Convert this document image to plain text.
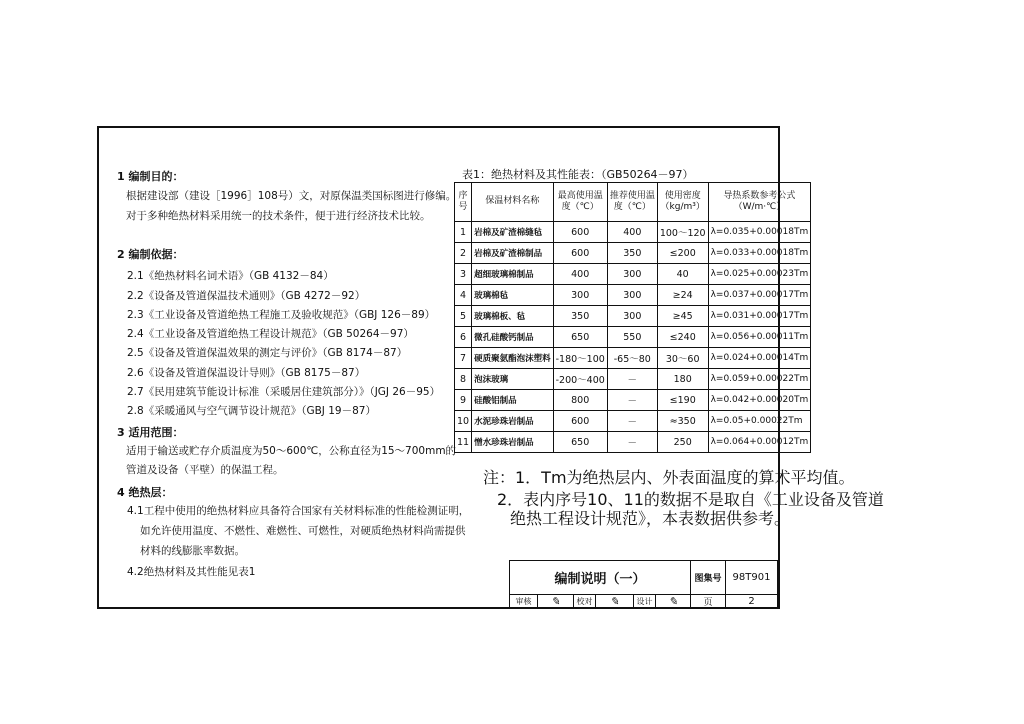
1 编制目的：
根据建设部（建设［1996］108号）文，对原保温类国标图进行修编。
对于多种绝热材料采用统一的技术条件，便于进行经济技术比较。
2 编制依据：
2.1《绝热材料名词术语》（GB 4132－84）
2.2《设备及管道保温技术通则》（GB 4272－92）
2.3《工业设备及管道绝热工程施工及验收规范》（GBJ 126－89）
2.4《工业设备及管道绝热工程设计规范》（GB 50264－97）
2.5《设备及管道保温效果的测定与评价》（GB 8174－87）
2.6《设备及管道保温设计导则》（GB 8175－87）
2.7《民用建筑节能设计标准（采暖居住建筑部分）》（JGJ 26－95）
2.8《采暖通风与空气调节设计规范》（GBJ 19－87）
3 适用范围：
适用于输送或贮存介质温度为50～600℃，公称直径为15～700mm的
管道及设备（平壁）的保温工程。
4 绝热层：
4.1工程中使用的绝热材料应具备符合国家有关材料标准的性能检测证明，
如允许使用温度、不燃性、难燃性、可燃性，对硬质绝热材料尚需提供
材料的线膨胀率数据。
4.2绝热材料及其性能见表1
表1：绝热材料及其性能表：（GB50264－97）
序号	保温材料名称	最高使用温度（℃）	推荐使用温度（℃）	使用密度（kg/m³）	导热系数参考公式（W/m·℃）
1	岩棉及矿渣棉缝毡	600	400	100～120	λ=0.035+0.00018Tm
2	岩棉及矿渣棉制品	600	350	≤200	λ=0.033+0.00018Tm
3	超细玻璃棉制品	400	300	40	λ=0.025+0.00023Tm
4	玻璃棉毡	300	300	≥24	λ=0.037+0.00017Tm
5	玻璃棉板、毡	350	300	≥45	λ=0.031+0.00017Tm
6	微孔硅酸钙制品	650	550	≤240	λ=0.056+0.00011Tm
7	硬质聚氨酯泡沫塑料	-180～100	-65～80	30～60	λ=0.024+0.00014Tm
8	泡沫玻璃	-200～400	－	180	λ=0.059+0.00022Tm
9	硅酸铝制品	800	－	≤190	λ=0.042+0.00020Tm
10	水泥珍珠岩制品	600	－	≈350	λ=0.05+0.00022Tm
11	憎水珍珠岩制品	650	－	250	λ=0.064+0.00012Tm
注：1．Tm为绝热层内、外表面温度的算术平均值。
2．表内序号10、11的数据不是取自《工业设备及管道
绝热工程设计规范》，本表数据供参考。
编制说明（一）	图集号	98T901
审核	✎	校对	✎	设计	✎	页	2
